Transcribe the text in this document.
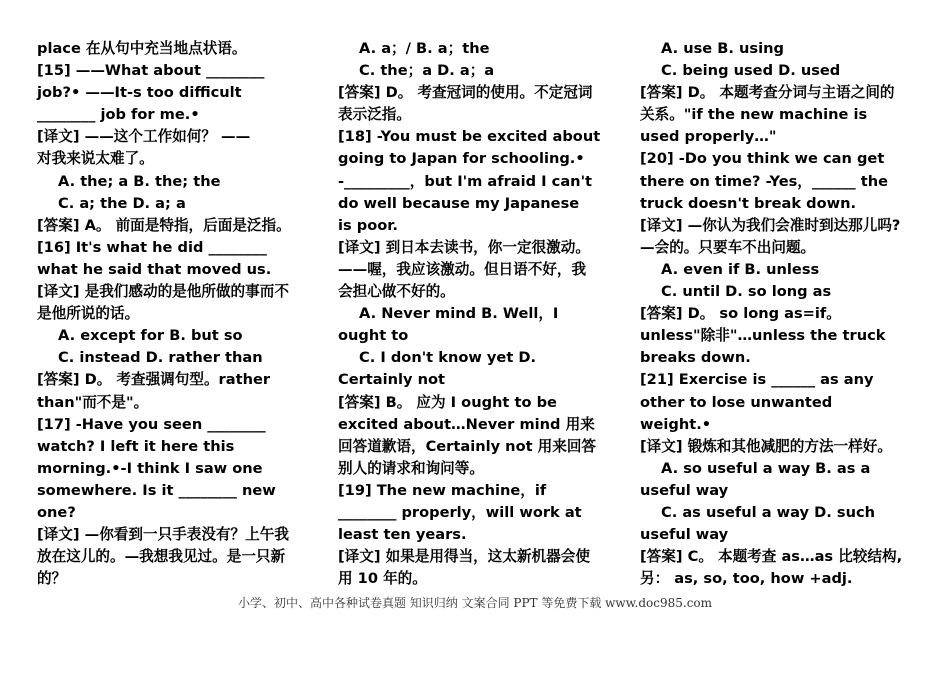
place 在从句中充当地点状语。
[15] ——What about ________
job?• ——It-s too difficult
________ job for me.•
[译文] ——这个工作如何？ ——
对我来说太难了。
A. the; a B. the; the
C. a; the D. a; a
[答案] A。 前面是特指，后面是泛指。
[16] It's what he did ________
what he said that moved us.
[译文] 是我们感动的是他所做的事而不
是他所说的话。
A. except for B. but so
C. instead D. rather than
[答案] D。 考查强调句型。rather
than"而不是"。
[17] -Have you seen ________
watch? I left it here this
morning.•-I think I saw one
somewhere. Is it ________ new
one?
[译文] —你看到一只手表没有？上午我
放在这儿的。—我想我见过。是一只新
的？
A. a；/ B. a；the
C. the；a D. a；a
[答案] D。 考查冠词的使用。不定冠词
表示泛指。
[18] -You must be excited about
going to Japan for schooling.•
-_________，but I'm afraid I can't
do well because my Japanese
is poor.
[译文] 到日本去读书，你一定很激动。
——喔，我应该激动。但日语不好，我
会担心做不好的。
A. Never mind B. Well，I
ought to
C. I don't know yet D.
Certainly not
[答案] B。 应为 I ought to be
excited about…Never mind 用来
回答道歉语，Certainly not 用来回答
别人的请求和询问等。
[19] The new machine，if
________ properly，will work at
least ten years.
[译文] 如果是用得当，这太新机器会使
用 10 年的。
A. use B. using
C. being used D. used
[答案] D。 本题考查分词与主语之间的
关系。"if the new machine is
used properly…"
[20] -Do you think we can get
there on time? -Yes，______ the
truck doesn't break down.
[译文] —你认为我们会准时到达那儿吗?
—会的。只要车不出问题。
A. even if B. unless
C. until D. so long as
[答案] D。 so long as=if。
unless"除非"…unless the truck
breaks down.
[21] Exercise is ______ as any
other to lose unwanted
weight.•
[译文] 锻炼和其他减肥的方法一样好。
A. so useful a way B. as a
useful way
C. as useful a way D. such
useful way
[答案] C。 本题考查 as…as 比较结构,
另： as, so, too, how +adj.
小学、初中、高中各种试卷真题 知识归纳 文案合同 PPT 等免费下载 www.doc985.com
